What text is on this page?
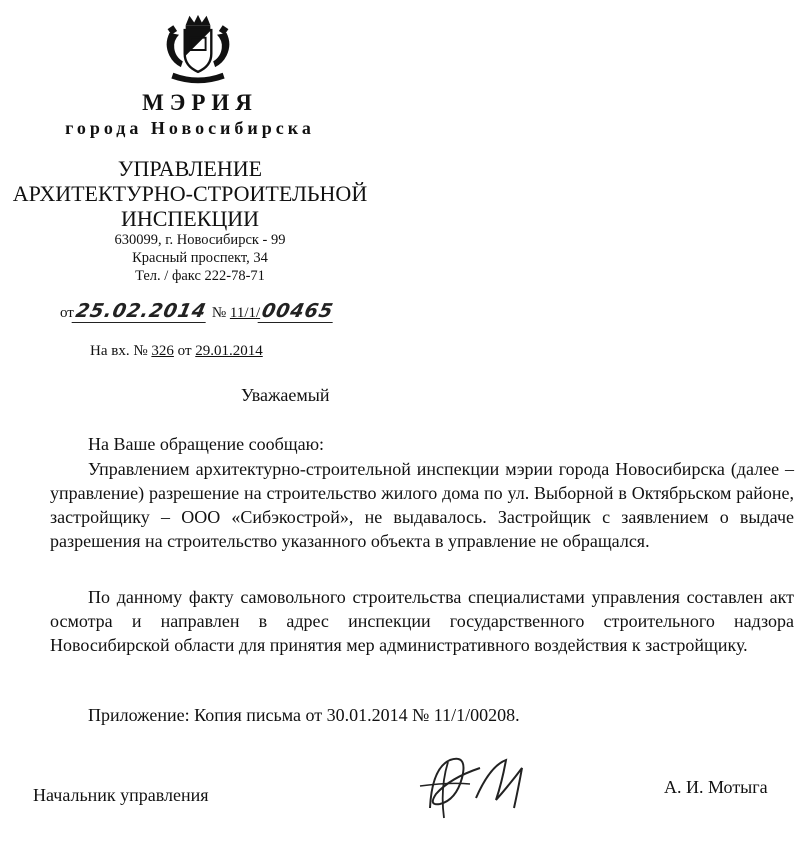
МЭРИЯ
города Новосибирска
УПРАВЛЕНИЕ
АРХИТЕКТУРНО-СТРОИТЕЛЬНОЙ
ИНСПЕКЦИИ
630099, г. Новосибирск - 99
Красный проспект, 34
Тел. / факс 222-78-71
от25.02.2014 № 11/1/00465
На вх. № 326 от 29.01.2014
Уважаемый
На Ваше обращение сообщаю:
Управлением архитектурно-строительной инспекции мэрии города Новосибирска (далее – управление) разрешение на строительство жилого дома по ул. Выборной в Октябрьском районе, застройщику – ООО «Сибэкострой», не выдавалось. Застройщик с заявлением о выдаче разрешения на строительство указанного объекта в управление не обращался.
По данному факту самовольного строительства специалистами управления составлен акт осмотра и направлен в адрес инспекции государственного строительного надзора Новосибирской области для принятия мер административного воздействия к застройщику.
Приложение: Копия письма от 30.01.2014 № 11/1/00208.
Начальник управления	А. И. Мотыга
